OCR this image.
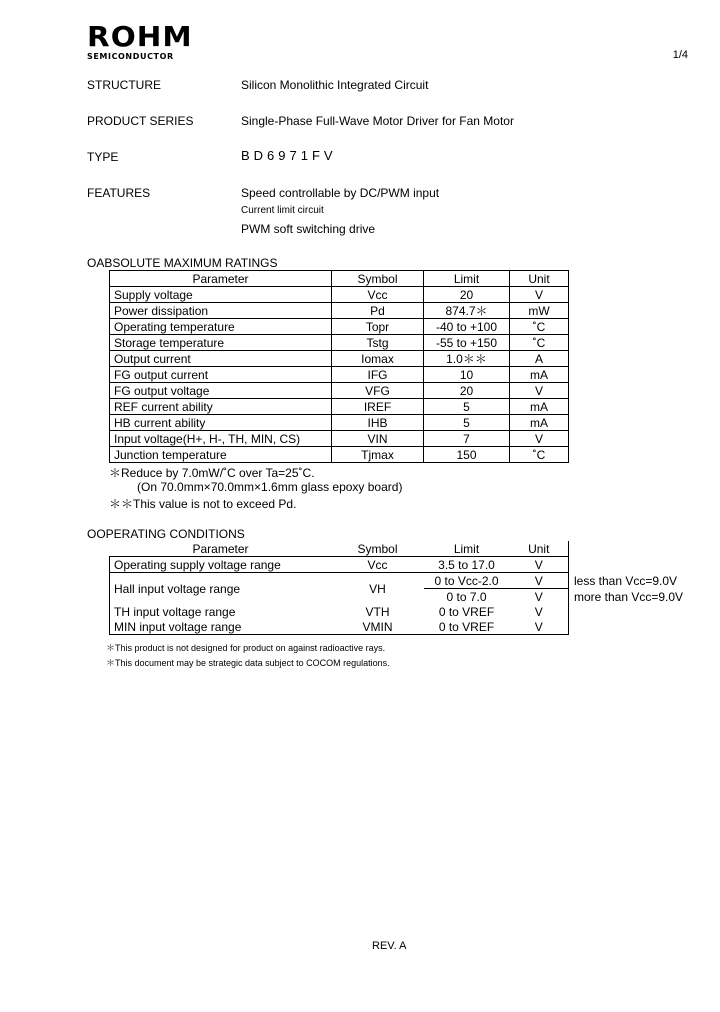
ROHM
SEMICONDUCTOR	1/4
STRUCTURE	Silicon Monolithic Integrated Circuit
PRODUCT SERIES	Single-Phase Full-Wave Motor Driver for Fan Motor
TYPE	BD6971FV
FEATURES	Speed controllable by DC/PWM input
Current limit circuit
PWM soft switching drive
OABSOLUTE MAXIMUM RATINGS
Parameter	Symbol	Limit	Unit
Supply voltage	Vcc	20	V
Power dissipation	Pd	874.7＊	mW
Operating temperature	Topr	-40 to +100	˚C
Storage temperature	Tstg	-55 to +150	˚C
Output current	Iomax	1.0＊＊	A
FG output current	IFG	10	mA
FG output voltage	VFG	20	V
REF current ability	IREF	5	mA
HB current ability	IHB	5	mA
Input voltage(H+, H-, TH, MIN, CS)	VIN	7	V
Junction temperature	Tjmax	150	˚C
＊Reduce by 7.0mW/˚C over Ta=25˚C.
(On 70.0mm×70.0mm×1.6mm glass epoxy board)
＊＊This value is not to exceed Pd.
OOPERATING CONDITIONS
Parameter	Symbol	Limit	Unit
Operating supply voltage range	Vcc	3.5 to 17.0	V
Hall input voltage range	VH	0 to Vcc-2.0	V
		0 to 7.0	V
TH input voltage range	VTH	0 to VREF	V
MIN input voltage range	VMIN	0 to VREF	V
less than Vcc=9.0V
more than Vcc=9.0V
＊This product is not designed for product on against radioactive rays.
＊This document may be strategic data subject to COCOM regulations.
REV. A
